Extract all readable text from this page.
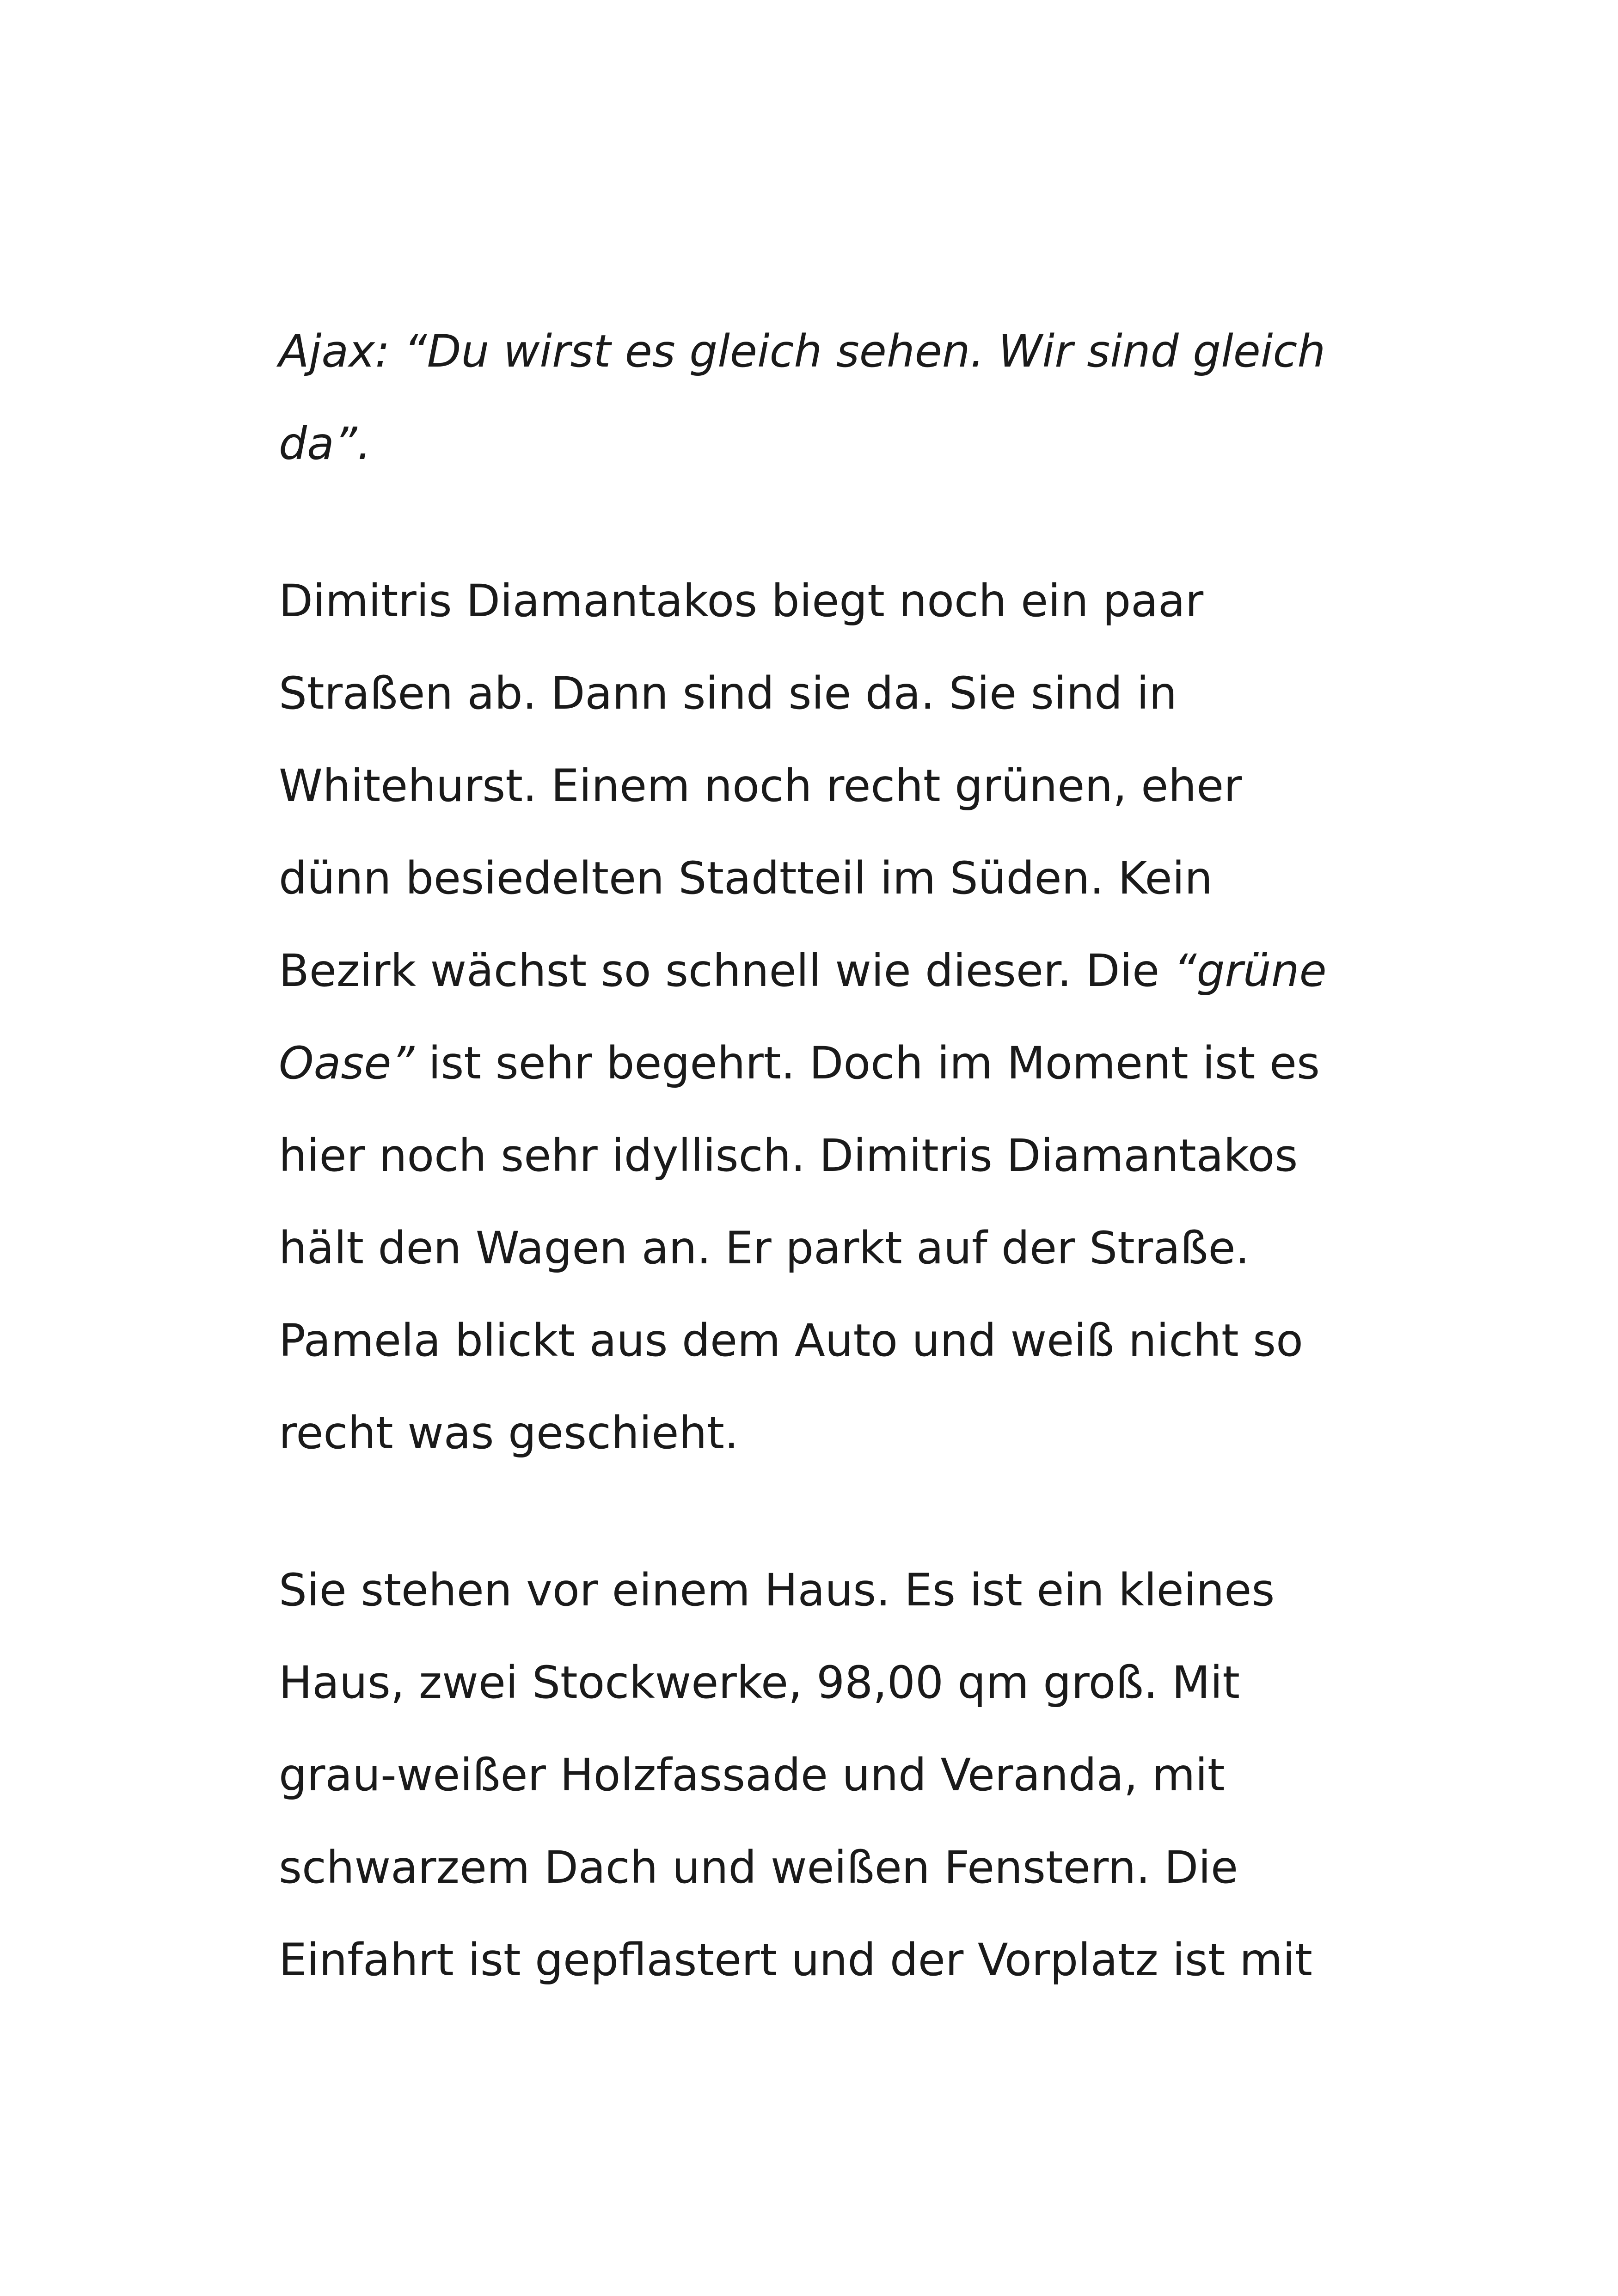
Ajax: “Du wirst es gleich sehen. Wir sind gleich da”.

Dimitris Diamantakos biegt noch ein paar Straßen ab. Dann sind sie da. Sie sind in Whitehurst. Einem noch recht grünen, eher dünn besiedelten Stadtteil im Süden. Kein Bezirk wächst so schnell wie dieser. Die “grüne Oase” ist sehr begehrt. Doch im Moment ist es hier noch sehr idyllisch. Dimitris Diamantakos hält den Wagen an. Er parkt auf der Straße. Pamela blickt aus dem Auto und weiß nicht so recht was geschieht.

Sie stehen vor einem Haus. Es ist ein kleines Haus, zwei Stockwerke, 98,00 qm groß. Mit grau-weißer Holzfassade und Veranda, mit schwarzem Dach und weißen Fenstern. Die Einfahrt ist gepflastert und der Vorplatz ist mit
